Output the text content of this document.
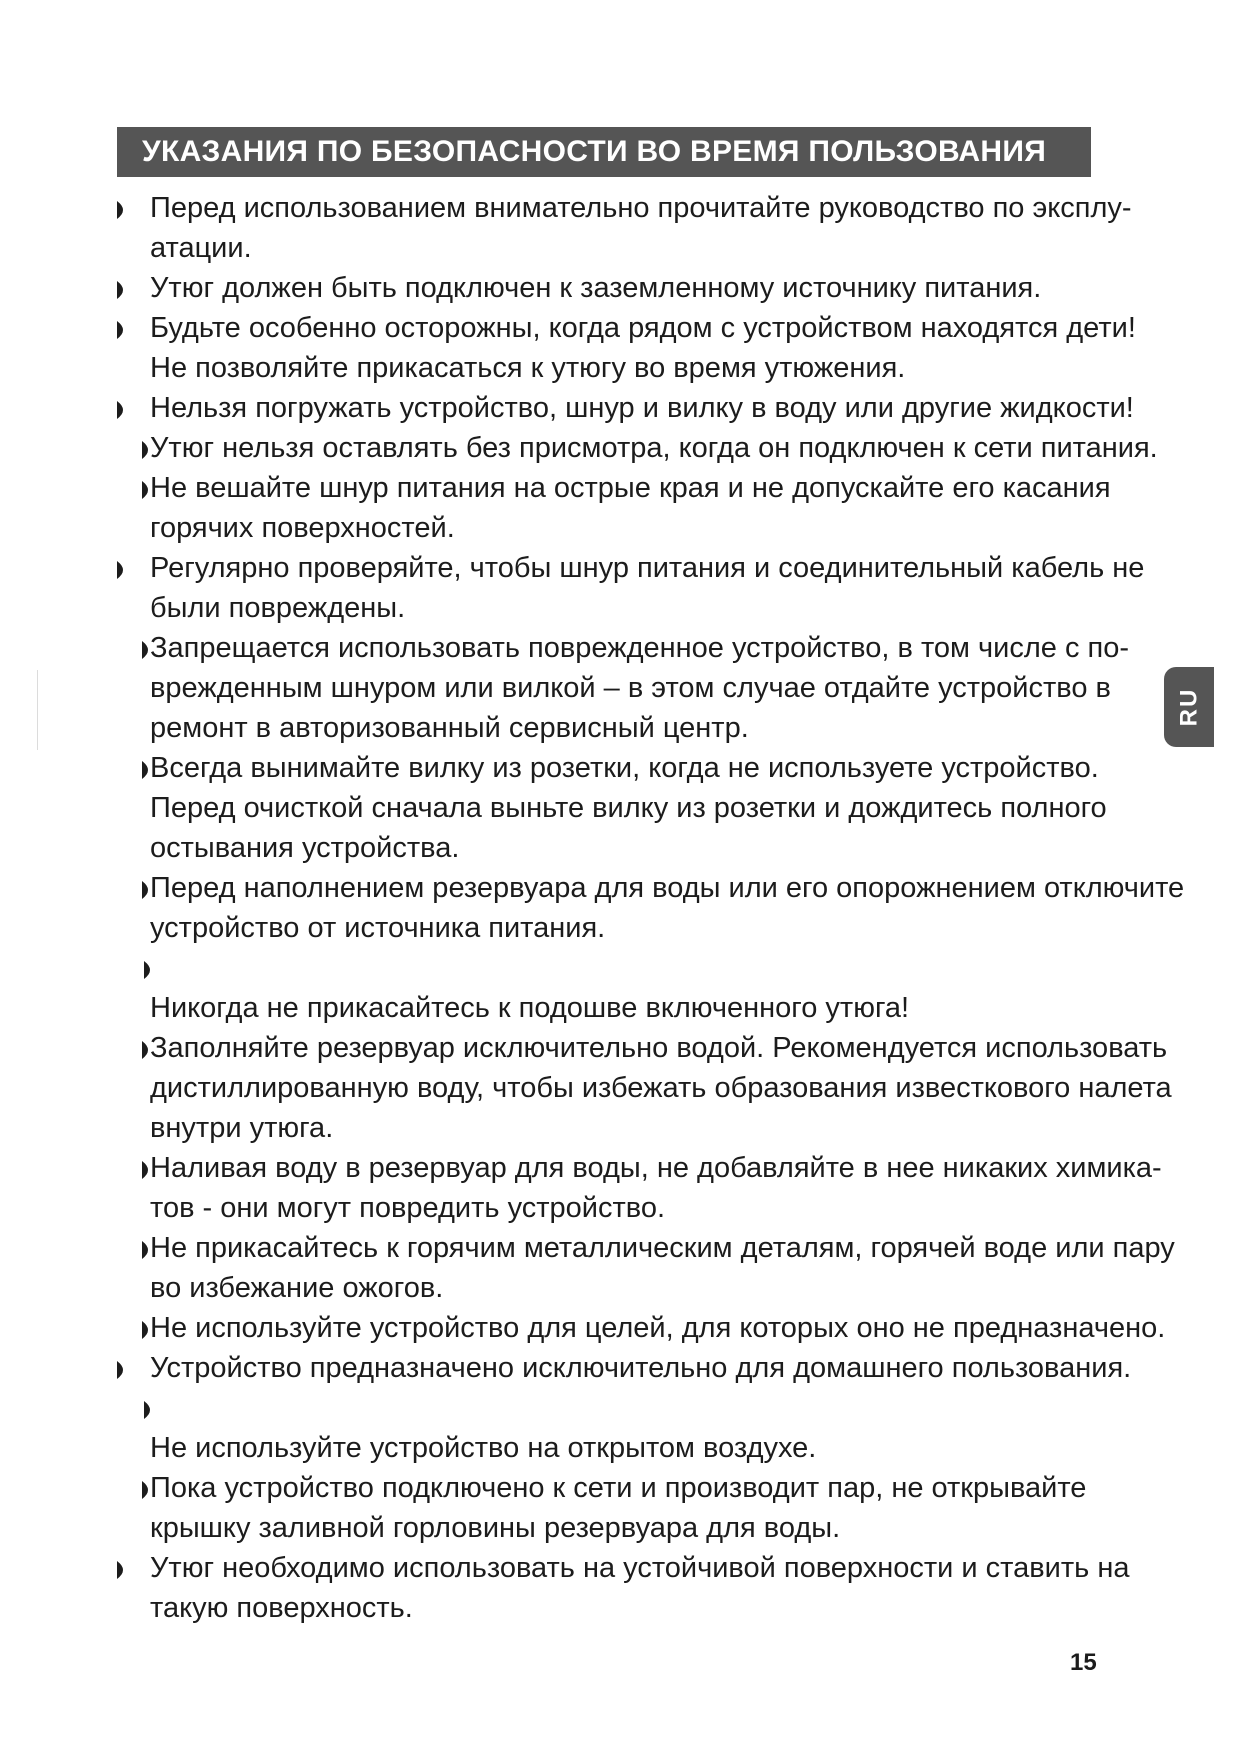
УКАЗАНИЯ ПО БЕЗОПАСНОСТИ ВО ВРЕМЯ ПОЛЬЗОВАНИЯ
Перед использованием внимательно прочитайте руководство по эксплу-
атации.
Утюг должен быть подключен к заземленному источнику питания.
Будьте особенно осторожны, когда рядом с устройством находятся дети!
Не позволяйте прикасаться к утюгу во время утюжения.
Нельзя погружать устройство, шнур и вилку в воду или другие жидкости!
Утюг нельзя оставлять без присмотра, когда он подключен к сети питания.
Не вешайте шнур питания на острые края и не допускайте его касания
горячих поверхностей.
Регулярно проверяйте, чтобы шнур питания и соединительный кабель не
были повреждены.
Запрещается использовать поврежденное устройство, в том числе с по-
врежденным шнуром или вилкой – в этом случае отдайте устройство в
ремонт в авторизованный сервисный центр.
Всегда вынимайте вилку из розетки, когда не используете устройство.
Перед очисткой сначала выньте вилку из розетки и дождитесь полного
остывания устройства.
Перед наполнением резервуара для воды или его опорожнением отключите
устройство от источника питания.
Никогда не прикасайтесь к подошве включенного утюга!
Заполняйте резервуар исключительно водой. Рекомендуется использовать
дистиллированную воду, чтобы избежать образования известкового налета
внутри утюга.
Наливая воду в резервуар для воды, не добавляйте в нее никаких химика-
тов - они могут повредить устройство.
Не прикасайтесь к горячим металлическим деталям, горячей воде или пару
во избежание ожогов.
Не используйте устройство для целей, для которых оно не предназначено.
Устройство предназначено исключительно для домашнего пользования.
Не используйте устройство на открытом воздухе.
Пока устройство подключено к сети и производит пар, не открывайте
крышку заливной горловины резервуара для воды.
Утюг необходимо использовать на устойчивой поверхности и ставить на
такую поверхность.
RU
15
